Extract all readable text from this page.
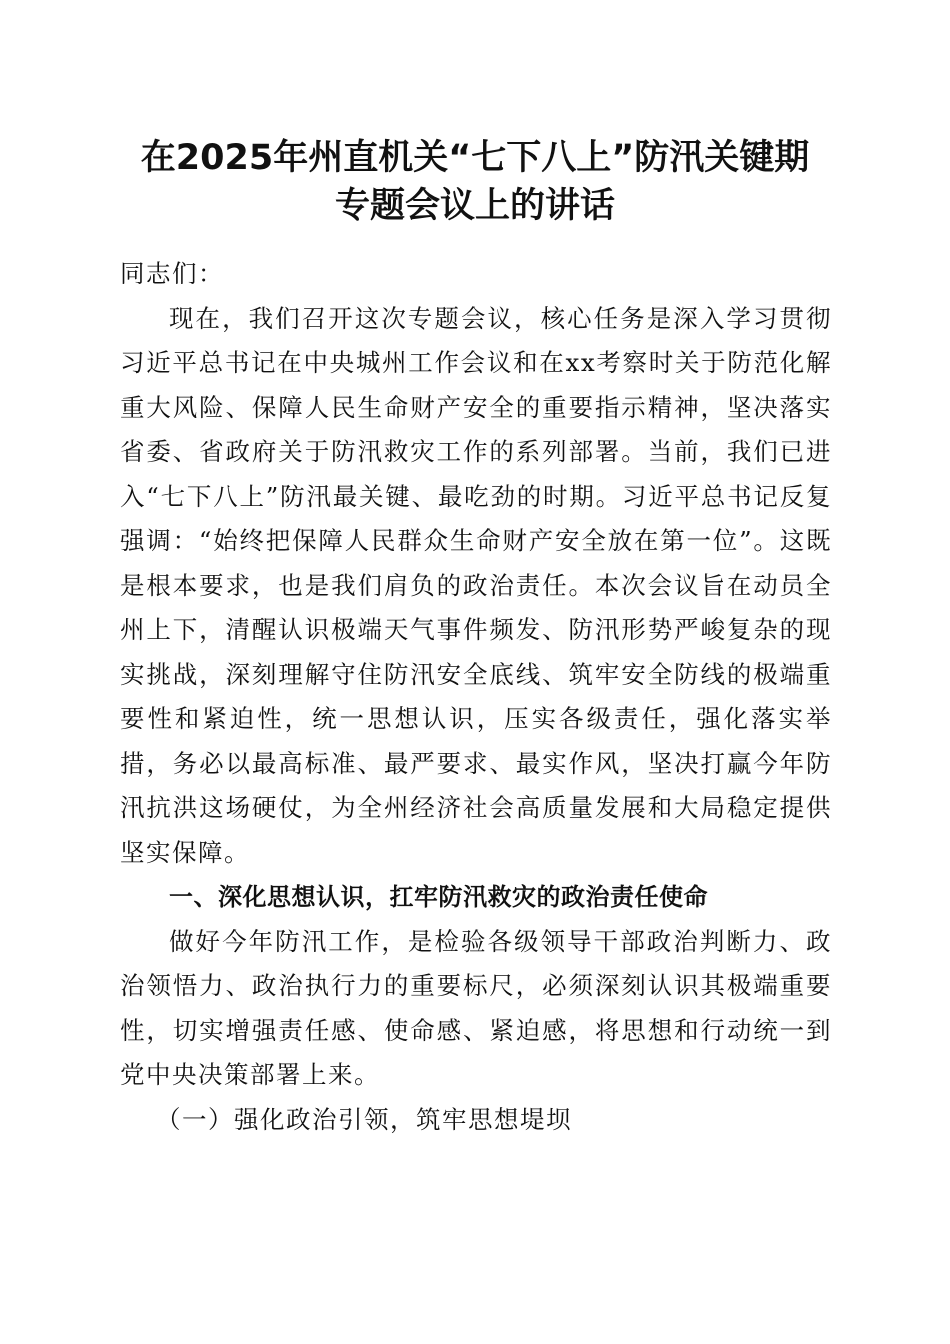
在2025年州直机关“七下八上”防汛关键期
专题会议上的讲话

同志们：

现在，我们召开这次专题会议，核心任务是深入学习贯彻习近平总书记在中央城州工作会议和在xx考察时关于防范化解重大风险、保障人民生命财产安全的重要指示精神，坚决落实省委、省政府关于防汛救灾工作的系列部署。当前，我们已进入“七下八上”防汛最关键、最吃劲的时期。习近平总书记反复强调：“始终把保障人民群众生命财产安全放在第一位”。这既是根本要求，也是我们肩负的政治责任。本次会议旨在动员全州上下，清醒认识极端天气事件频发、防汛形势严峻复杂的现实挑战，深刻理解守住防汛安全底线、筑牢安全防线的极端重要性和紧迫性，统一思想认识，压实各级责任，强化落实举措，务必以最高标准、最严要求、最实作风，坚决打赢今年防汛抗洪这场硬仗，为全州经济社会高质量发展和大局稳定提供坚实保障。

一、深化思想认识，扛牢防汛救灾的政治责任使命

做好今年防汛工作，是检验各级领导干部政治判断力、政治领悟力、政治执行力的重要标尺，必须深刻认识其极端重要性，切实增强责任感、使命感、紧迫感，将思想和行动统一到党中央决策部署上来。

（一）强化政治引领，筑牢思想堤坝
